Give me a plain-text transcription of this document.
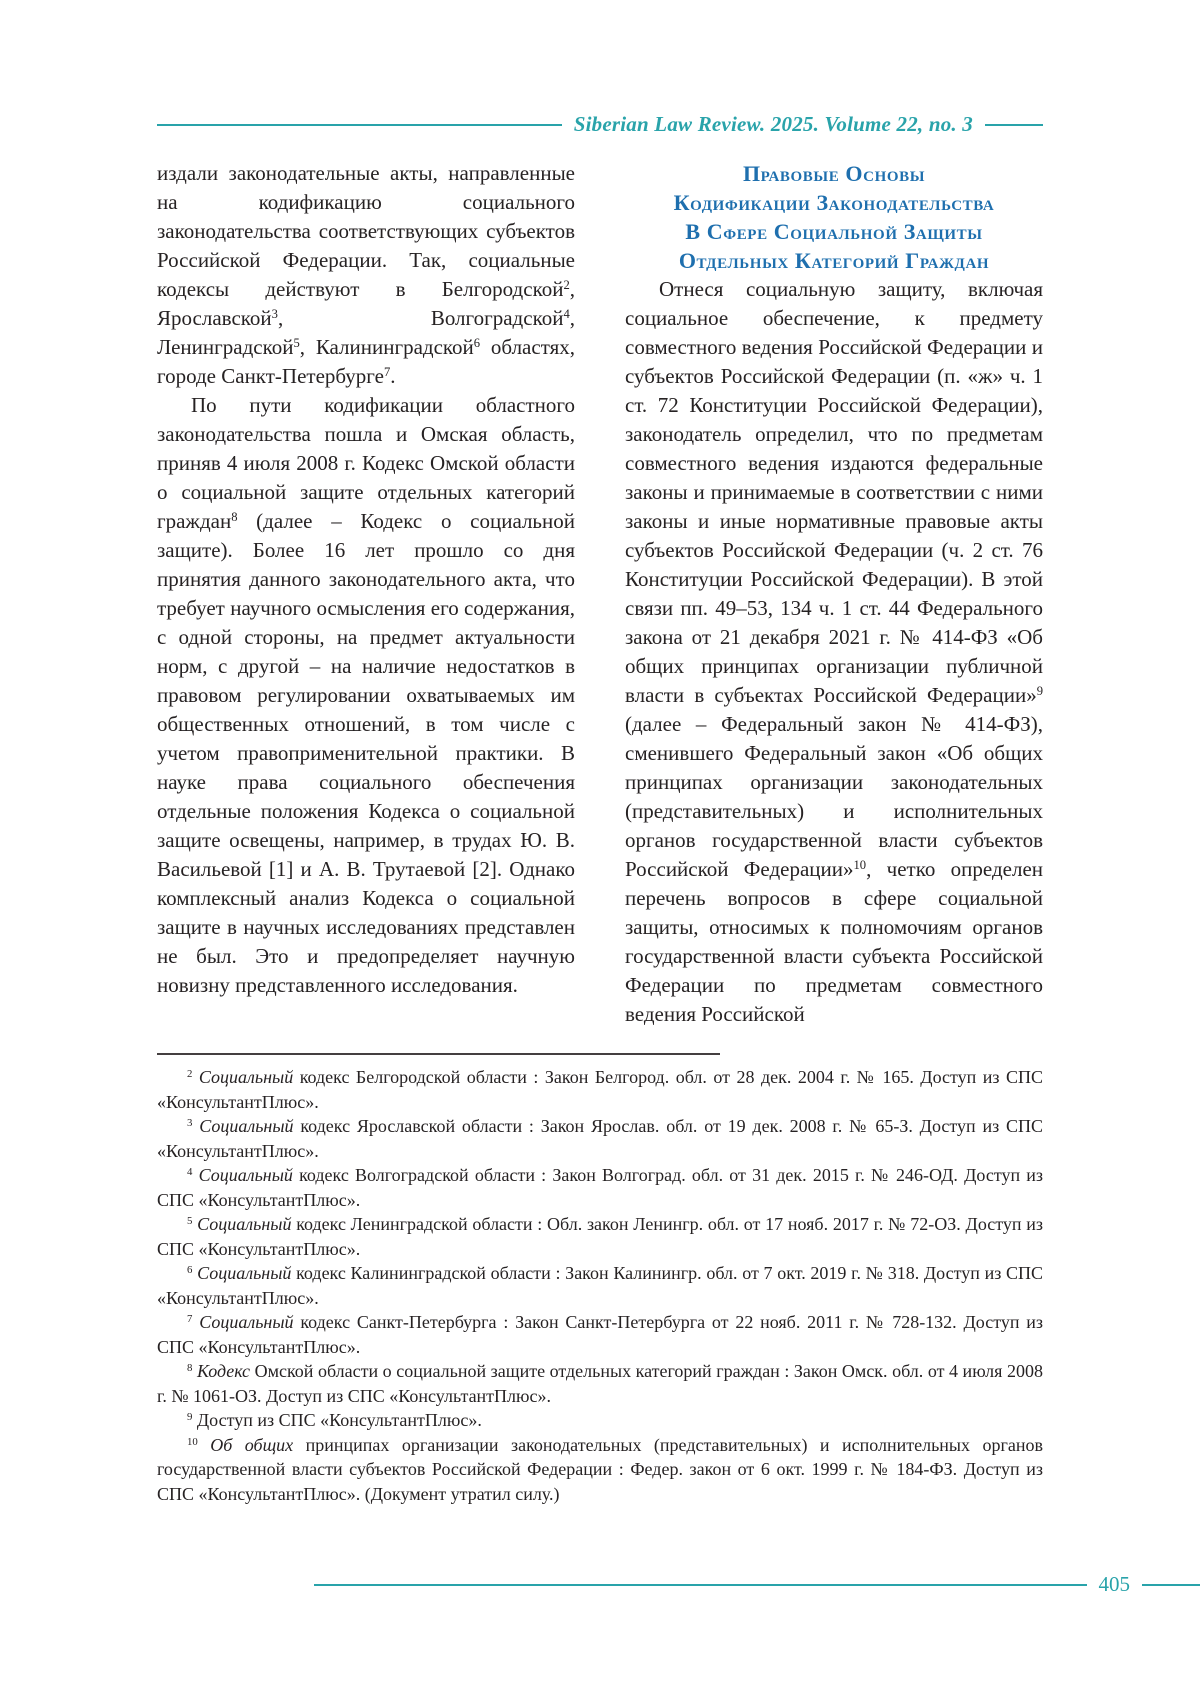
Siberian Law Review. 2025. Volume 22, no. 3

издали законодательные акты, направленные на кодификацию социального законодательства соответствующих субъектов Российской Федерации. Так, социальные кодексы действуют в Белгородской$^2$, Ярославской$^3$, Волгоградской$^4$, Ленинградской$^5$, Калининградской$^6$ областях, городе Санкт-Петербурге$^7$.

По пути кодификации областного законодательства пошла и Омская область, приняв 4 июля 2008 г. Кодекс Омской области о социальной защите отдельных категорий граждан$^8$ (далее – Кодекс о социальной защите). Более 16 лет прошло со дня принятия данного законодательного акта, что требует научного осмысления его содержания, с одной стороны, на предмет актуальности норм, с другой – на наличие недостатков в правовом регулировании охватываемых им общественных отношений, в том числе с учетом правоприменительной практики. В науке права социального обеспечения отдельные положения Кодекса о социальной защите освещены, например, в трудах Ю. В. Васильевой [1] и А. В. Трутаевой [2]. Однако комплексный анализ Кодекса о социальной защите в научных исследованиях представлен не был. Это и предопределяет научную новизну представленного исследования.

Правовые Основы
Кодификации Законодательства
В Сфере Социальной Защиты
Отдельных Категорий Граждан

Отнеся социальную защиту, включая социальное обеспечение, к предмету совместного ведения Российской Федерации и субъектов Российской Федерации (п. «ж» ч. 1 ст. 72 Конституции Российской Федерации), законодатель определил, что по предметам совместного ведения издаются федеральные законы и принимаемые в соответствии с ними законы и иные нормативные правовые акты субъектов Российской Федерации (ч. 2 ст. 76 Конституции Российской Федерации). В этой связи пп. 49–53, 134 ч. 1 ст. 44 Федерального закона от 21 декабря 2021 г. № 414-ФЗ «Об общих принципах организации публичной власти в субъектах Российской Федерации»$^9$ (далее – Федеральный закон № 414-ФЗ), сменившего Федеральный закон «Об общих принципах организации законодательных (представительных) и исполнительных органов государственной власти субъектов Российской Федерации»$^{10}$, четко определен перечень вопросов в сфере социальной защиты, относимых к полномочиям органов государственной власти субъекта Российской Федерации по предметам совместного ведения Российской

$^2$ Социальный кодекс Белгородской области : Закон Белгород. обл. от 28 дек. 2004 г. № 165. Доступ из СПС «КонсультантПлюс».

$^3$ Социальный кодекс Ярославской области : Закон Ярослав. обл. от 19 дек. 2008 г. № 65-З. Доступ из СПС «КонсультантПлюс».

$^4$ Социальный кодекс Волгоградской области : Закон Волгоград. обл. от 31 дек. 2015 г. № 246-ОД. Доступ из СПС «КонсультантПлюс».

$^5$ Социальный кодекс Ленинградской области : Обл. закон Ленингр. обл. от 17 нояб. 2017 г. № 72-ОЗ. Доступ из СПС «КонсультантПлюс».

$^6$ Социальный кодекс Калининградской области : Закон Калинингр. обл. от 7 окт. 2019 г. № 318. Доступ из СПС «КонсультантПлюс».

$^7$ Социальный кодекс Санкт-Петербурга : Закон Санкт-Петербурга от 22 нояб. 2011 г. № 728-132. Доступ из СПС «КонсультантПлюс».

$^8$ Кодекс Омской области о социальной защите отдельных категорий граждан : Закон Омск. обл. от 4 июля 2008 г. № 1061-ОЗ. Доступ из СПС «КонсультантПлюс».

$^9$ Доступ из СПС «КонсультантПлюс».

$^{10}$ Об общих принципах организации законодательных (представительных) и исполнительных органов государственной власти субъектов Российской Федерации : Федер. закон от 6 окт. 1999 г. № 184-ФЗ. Доступ из СПС «КонсультантПлюс». (Документ утратил силу.)

405
